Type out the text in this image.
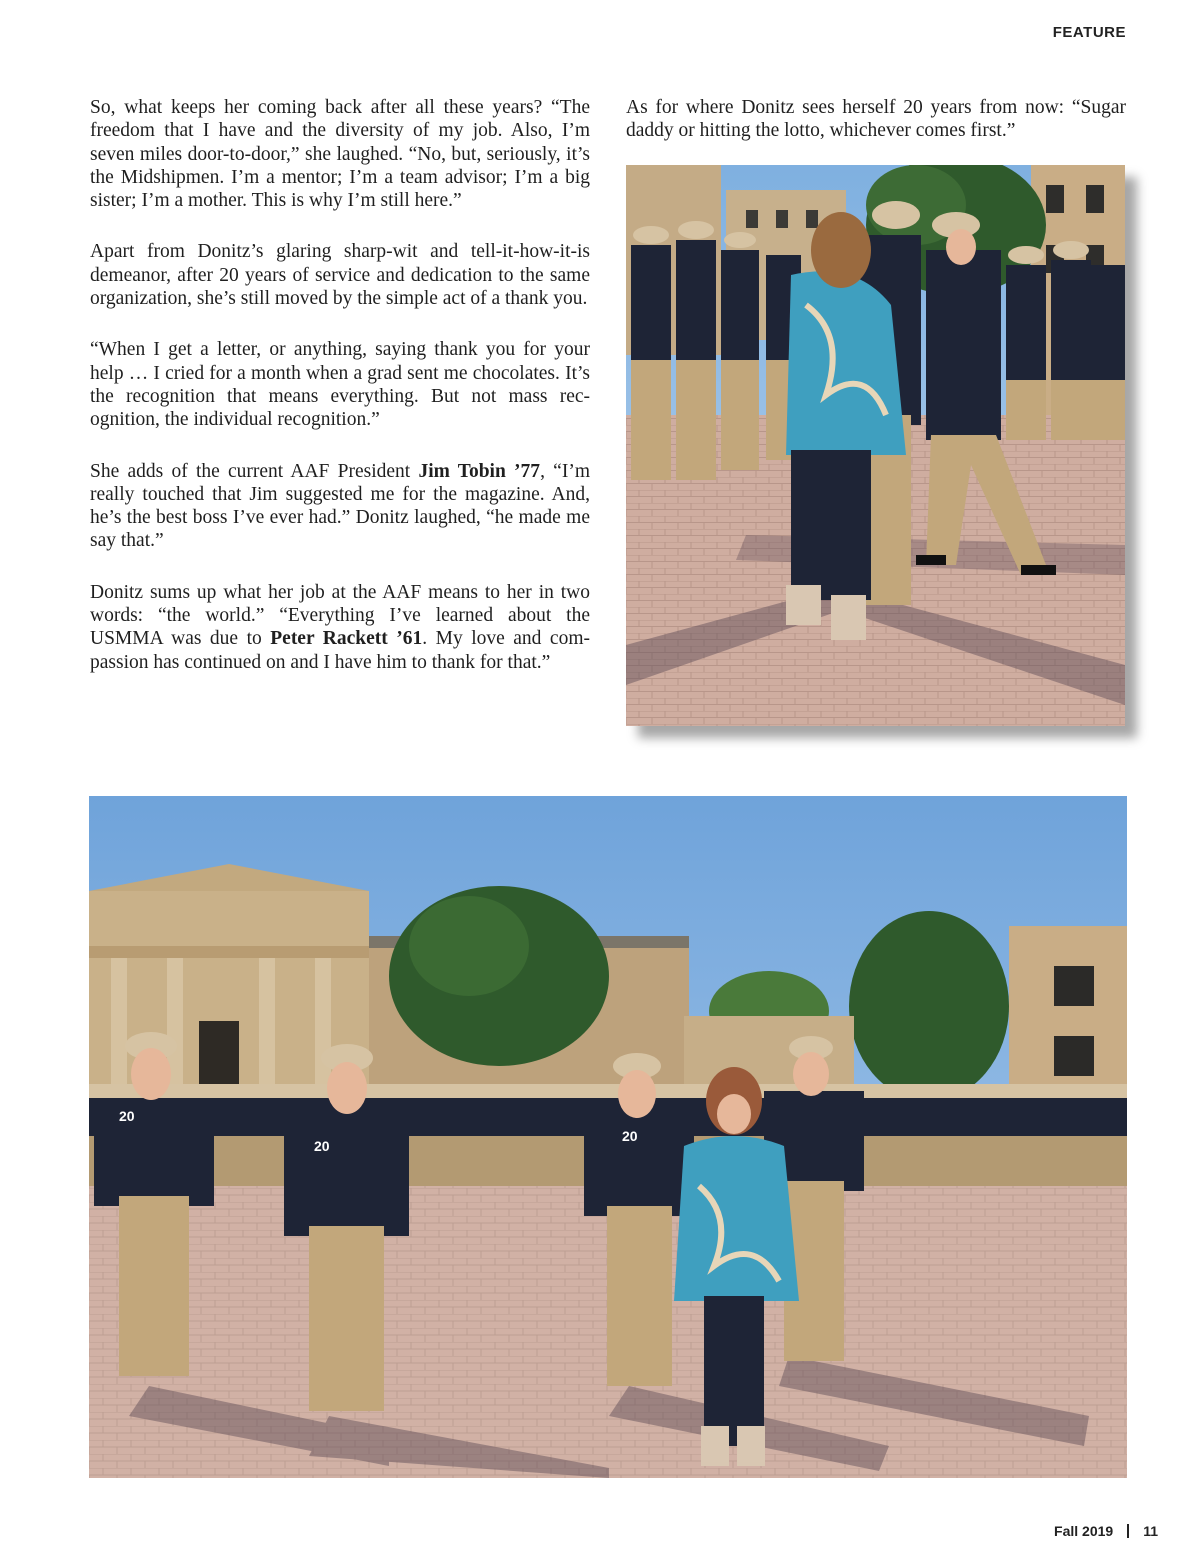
FEATURE

So, what keeps her coming back after all these years? “The freedom that I have and the diversity of my job. Also, I’m seven miles door-to-door,” she laughed. “No, but, seriously, it’s the Midshipmen. I’m a mentor; I’m a team advisor; I’m a big sister; I’m a mother. This is why I’m still here.”

Apart from Donitz’s glaring sharp-wit and tell-it-how-it-is demeanor, after 20 years of service and dedication to the same organization, she’s still moved by the simple act of a thank you.

“When I get a letter, or anything, saying thank you for your help … I cried for a month when a grad sent me chocolates. It’s the recognition that means everything. But not mass rec-ognition, the individual recognition.”

She adds of the current AAF President Jim Tobin ’77, “I’m really touched that Jim suggested me for the magazine. And, he’s the best boss I’ve ever had.” Donitz laughed, “he made me say that.”

Donitz sums up what her job at the AAF means to her in two words: “the world.” “Everything I’ve learned about the USMMA was due to Peter Rackett ’61. My love and com-passion has continued on and I have him to thank for that.”

As for where Donitz sees herself 20 years from now: “Sugar daddy or hitting the lotto, whichever comes first.”

20
20
20
Fall 2019 11
